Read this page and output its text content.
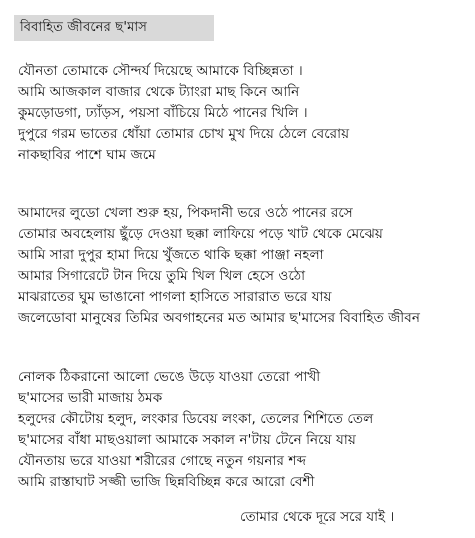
বিবাহিত জীবনের ছ'মাস
যৌনতা তোমাকে সৌন্দর্য দিয়েছে আমাকে বিচ্ছিন্নতা ।
আমি আজকাল বাজার থেকে ট্যাংরা মাছ কিনে আনি
কুমড়োডগা, ঢ্যাঁড়স, পয়সা বাঁচিয়ে মিঠে পানের খিলি ।
দুপুরে গরম ভাতের ধোঁয়া তোমার চোখ মুখ দিয়ে ঠেলে বেরোয়
নাকছাবির পাশে ঘাম জমে
আমাদের লুডো খেলা শুরু হয়, পিকদানী ভরে ওঠে পানের রসে
তোমার অবহেলায় ছুঁড়ে দেওয়া ছক্কা লাফিয়ে পড়ে খাট থেকে মেঝেয়
আমি সারা দুপুর হামা দিয়ে খুঁজতে থাকি ছক্কা পাঞ্জা নহলা
আমার সিগারেটে টান দিয়ে তুমি খিল খিল হেসে ওঠো
মাঝরাতের ঘুম ভাঙানো পাগলা হাসিতে সারারাত ভরে যায়
জলেডোবা মানুষের তিমির অবগাহনের মত আমার ছ'মাসের বিবাহিত জীবন
নোলক ঠিকরানো আলো ভেঙে উড়ে যাওয়া তেরো পাখী
ছ'মাসের ভারী মাজায় ঠমক
হলুদের কৌটোয় হলুদ, লংকার ডিবেয় লংকা, তেলের শিশিতে তেল
ছ'মাসের বাঁধা মাছওয়ালা আমাকে সকাল ন'টায় টেনে নিয়ে যায়
যৌনতায় ভরে যাওয়া শরীরের গোছে নতুন গয়নার শব্দ
আমি রাস্তাঘাট সজ্জী ভাজি ছিন্নবিচ্ছিন্ন করে আরো বেশী
তোমার থেকে দূরে সরে যাই ।
